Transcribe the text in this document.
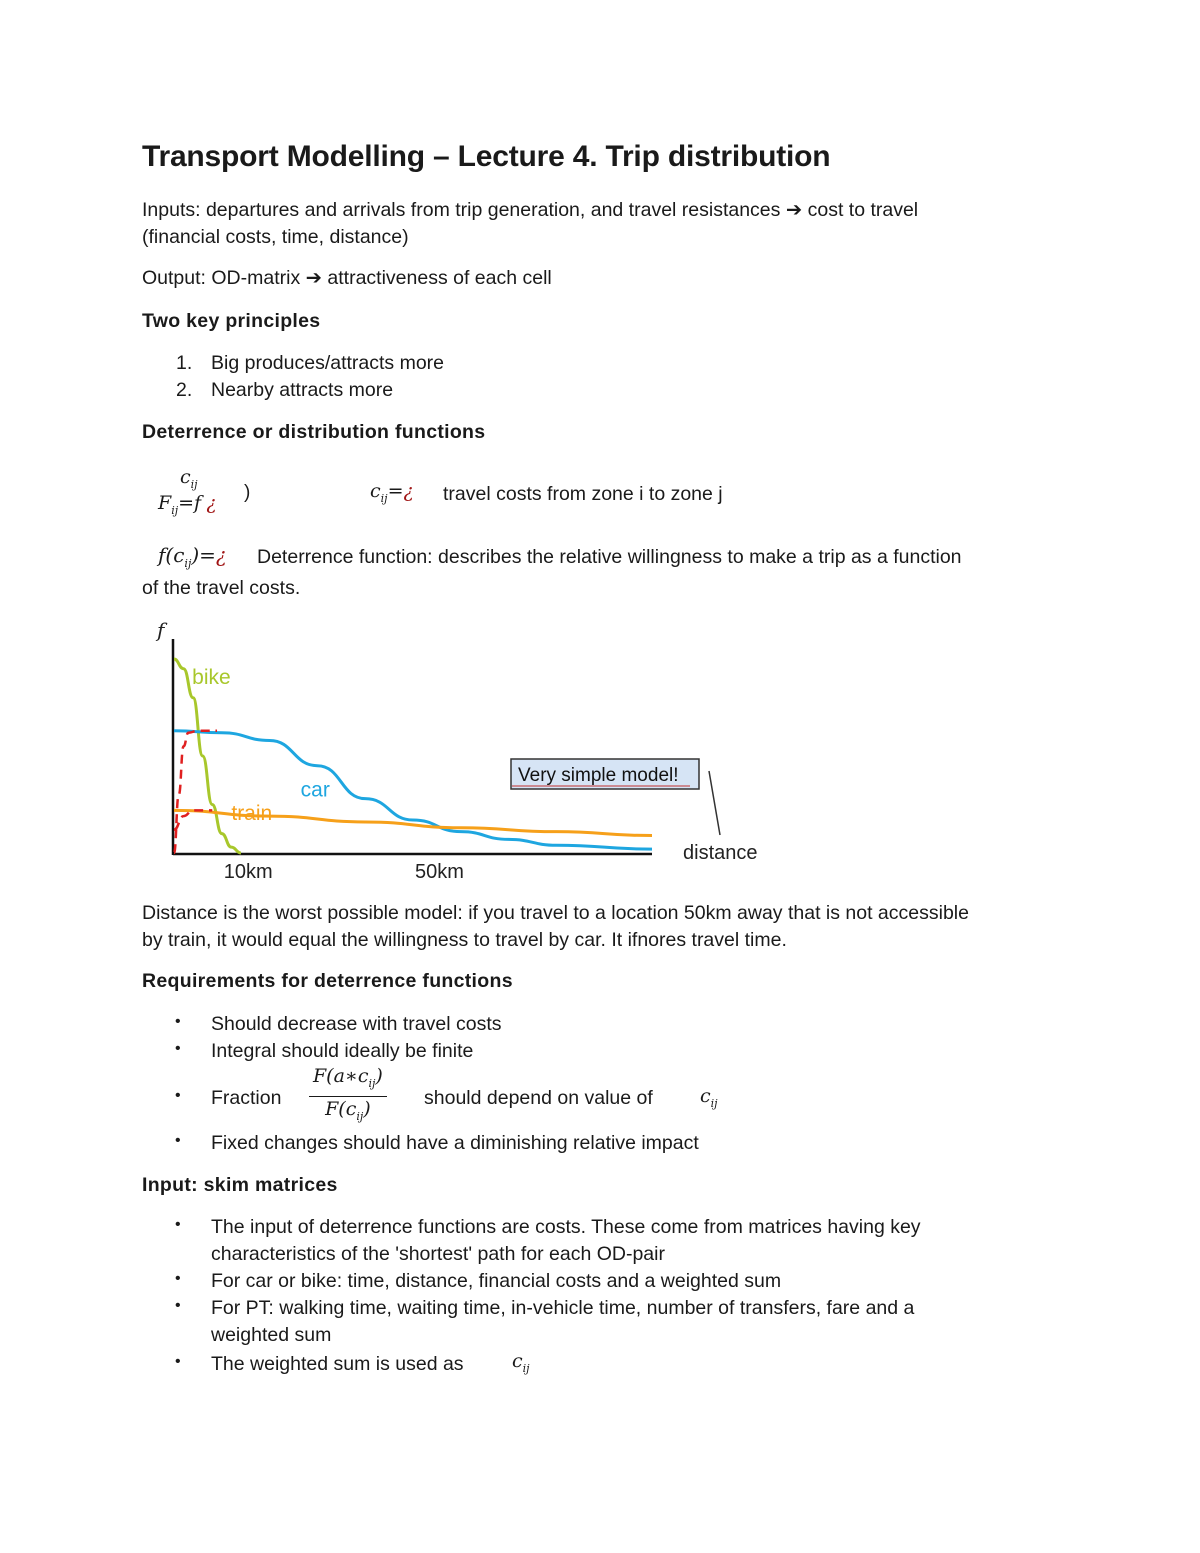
Transport Modelling – Lecture 4. Trip distribution
Inputs: departures and arrivals from trip generation, and travel resistances ➔ cost to travel
(financial costs, time, distance)
Output: OD-matrix ➔ attractiveness of each cell
Two key principles
1. Big produces/attracts more
2. Nearby attracts more
Deterrence or distribution functions
$c_{ij}$
$F_{ij}=f$ ¿ )	$c_{ij}=¿$ travel costs from zone i to zone j
$f(c_{ij})=¿$ Deterrence function: describes the relative willingness to make a trip as a function
of the travel costs.
f
bike
car
train
10km	50km
distance
Very simple model!
Distance is the worst possible model: if you travel to a location 50km away that is not accessible
by train, it would equal the willingness to travel by car. It ifnores travel time.
Requirements for deterrence functions
• Should decrease with travel costs
• Integral should ideally be finite
• Fraction
$F(a∗c_{ij})$
$F(c_{ij})$
should depend on value of $c_{ij}$
• Fixed changes should have a diminishing relative impact
Input: skim matrices
• The input of deterrence functions are costs. These come from matrices having key
characteristics of the 'shortest' path for each OD-pair
• For car or bike: time, distance, financial costs and a weighted sum
• For PT: walking time, waiting time, in-vehicle time, number of transfers, fare and a
weighted sum
• The weighted sum is used as	$c_{ij}$
